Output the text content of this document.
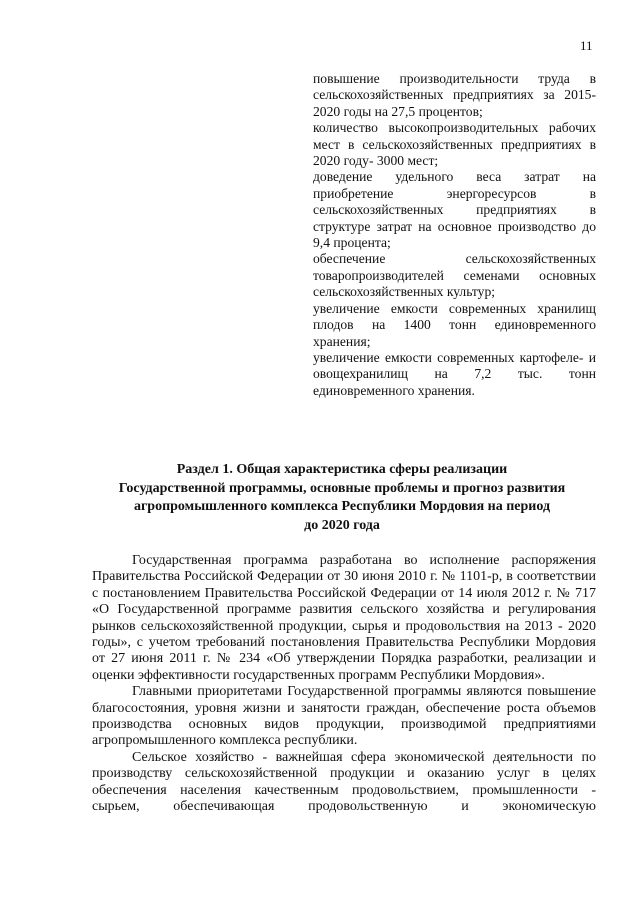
11

повышение производительности труда в сельскохозяйственных предприятиях за 2015-2020 годы на 27,5 процентов;

количество высокопроизводительных рабочих мест в сельскохозяйственных предприятиях в 2020 году- 3000 мест;

доведение удельного веса затрат на приобретение энергоресурсов в сельскохозяйственных предприятиях в структуре затрат на основное производство до 9,4 процента;

обеспечение сельскохозяйственных товаропроизводителей семенами основных сельскохозяйственных культур;

увеличение емкости современных хранилищ плодов на 1400 тонн единовременного хранения;

увеличение емкости современных картофеле- и овощехранилищ на 7,2 тыс. тонн единовременного хранения.

Раздел 1. Общая характеристика сферы реализации

Государственной программы, основные проблемы и прогноз развития

агропромышленного комплекса Республики Мордовия на период

до 2020 года

Государственная программа разработана во исполнение распоряжения Правительства Российской Федерации от 30 июня 2010 г. № 1101-р, в соответствии с постановлением Правительства Российской Федерации от 14 июля 2012 г. № 717 «О Государственной программе развития сельского хозяйства и регулирования рынков сельскохозяйственной продукции, сырья и продовольствия на 2013 - 2020 годы», с учетом требований постановления Правительства Республики Мордовия от 27 июня 2011 г. № 234 «Об утверждении Порядка разработки, реализации и оценки эффективности государственных программ Республики Мордовия».

Главными приоритетами Государственной программы являются повышение благосостояния, уровня жизни и занятости граждан, обеспечение роста объемов производства основных видов продукции, производимой предприятиями агропромышленного комплекса республики.

Сельское хозяйство - важнейшая сфера экономической деятельности по производству сельскохозяйственной продукции и оказанию услуг в целях обеспечения населения качественным продовольствием, промышленности - сырьем, обеспечивающая продовольственную и экономическую
